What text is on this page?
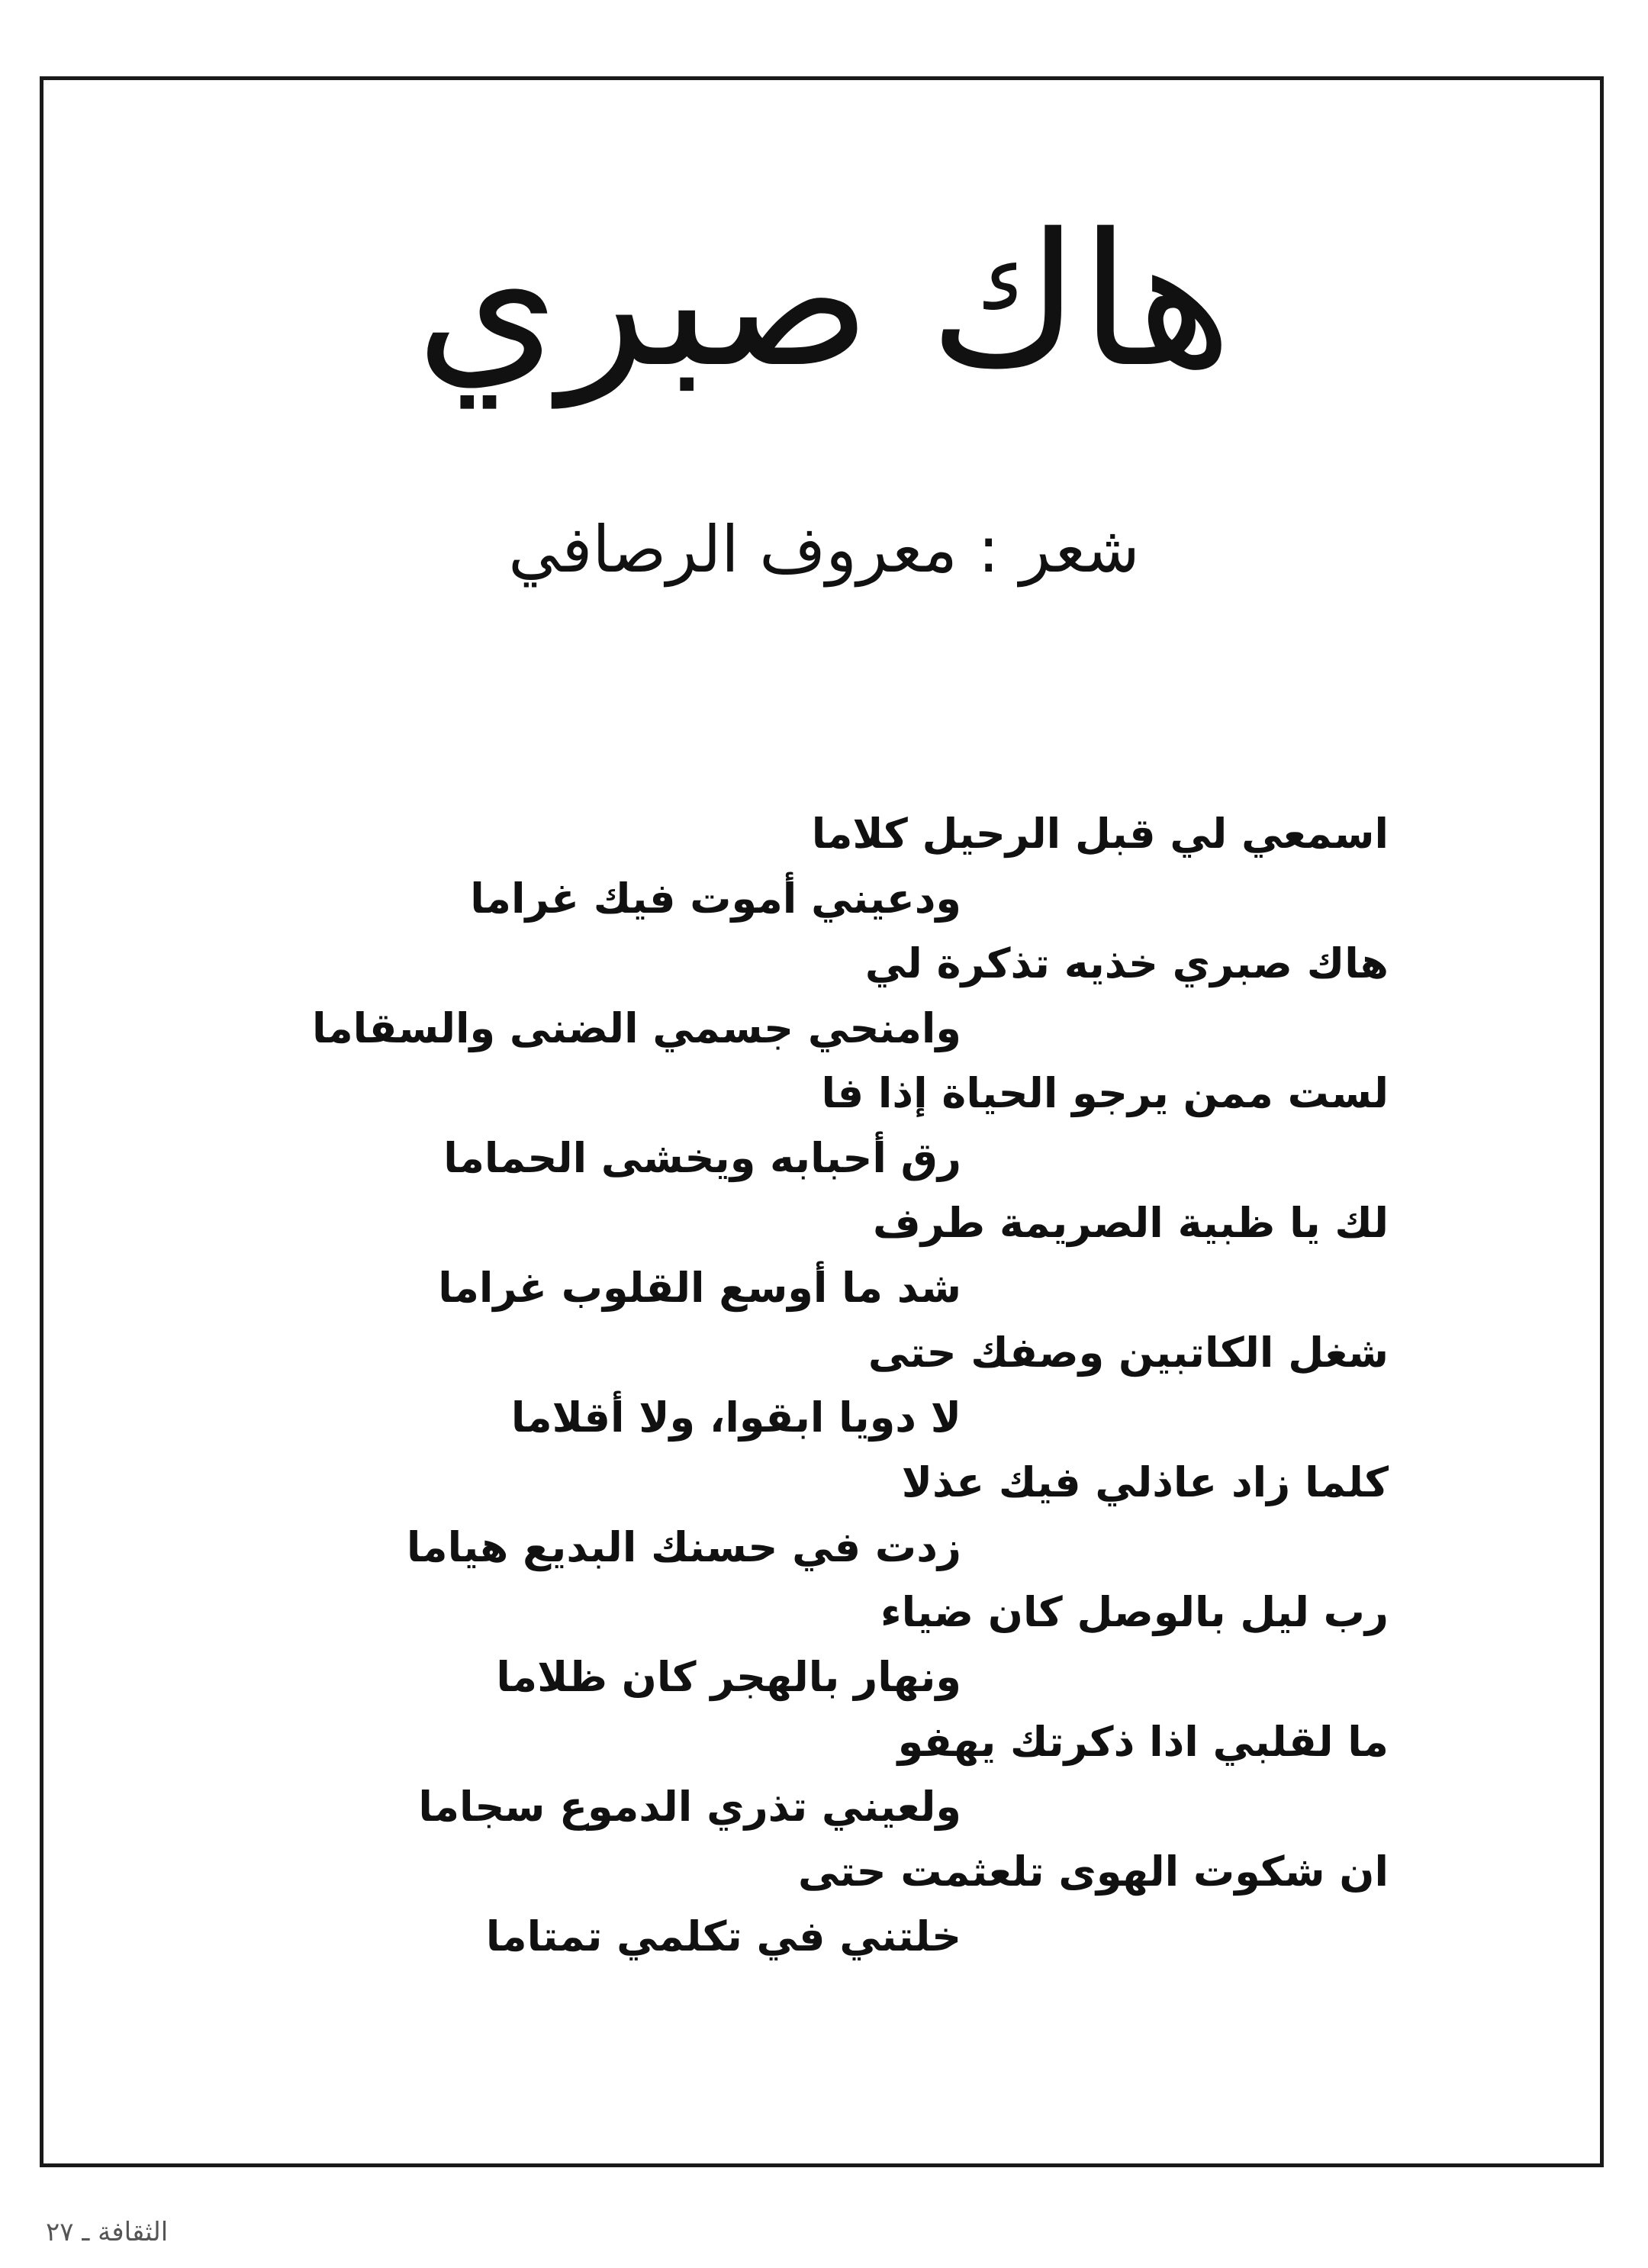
هاك صبري
شعر : معروف الرصافي
اسمعي لي قبل الرحيل كلاما
ودعيني أموت فيك غراما
هاك صبري خذيه تذكرة لي
وامنحي جسمي الضنى والسقاما
لست ممن يرجو الحياة إذا فا
رق أحبابه ويخشى الحماما
لك يا ظبية الصريمة طرف
شد ما أوسع القلوب غراما
شغل الكاتبين وصفك حتى
لا دويا ابقوا، ولا أقلاما
كلما زاد عاذلي فيك عذلا
زدت في حسنك البديع هياما
رب ليل بالوصل كان ضياء
ونهار بالهجر كان ظلاما
ما لقلبي اذا ذكرتك يهفو
ولعيني تذري الدموع سجاما
ان شكوت الهوى تلعثمت حتى
خلتني في تكلمي تمتاما
الثقافة ـ ٢٧
